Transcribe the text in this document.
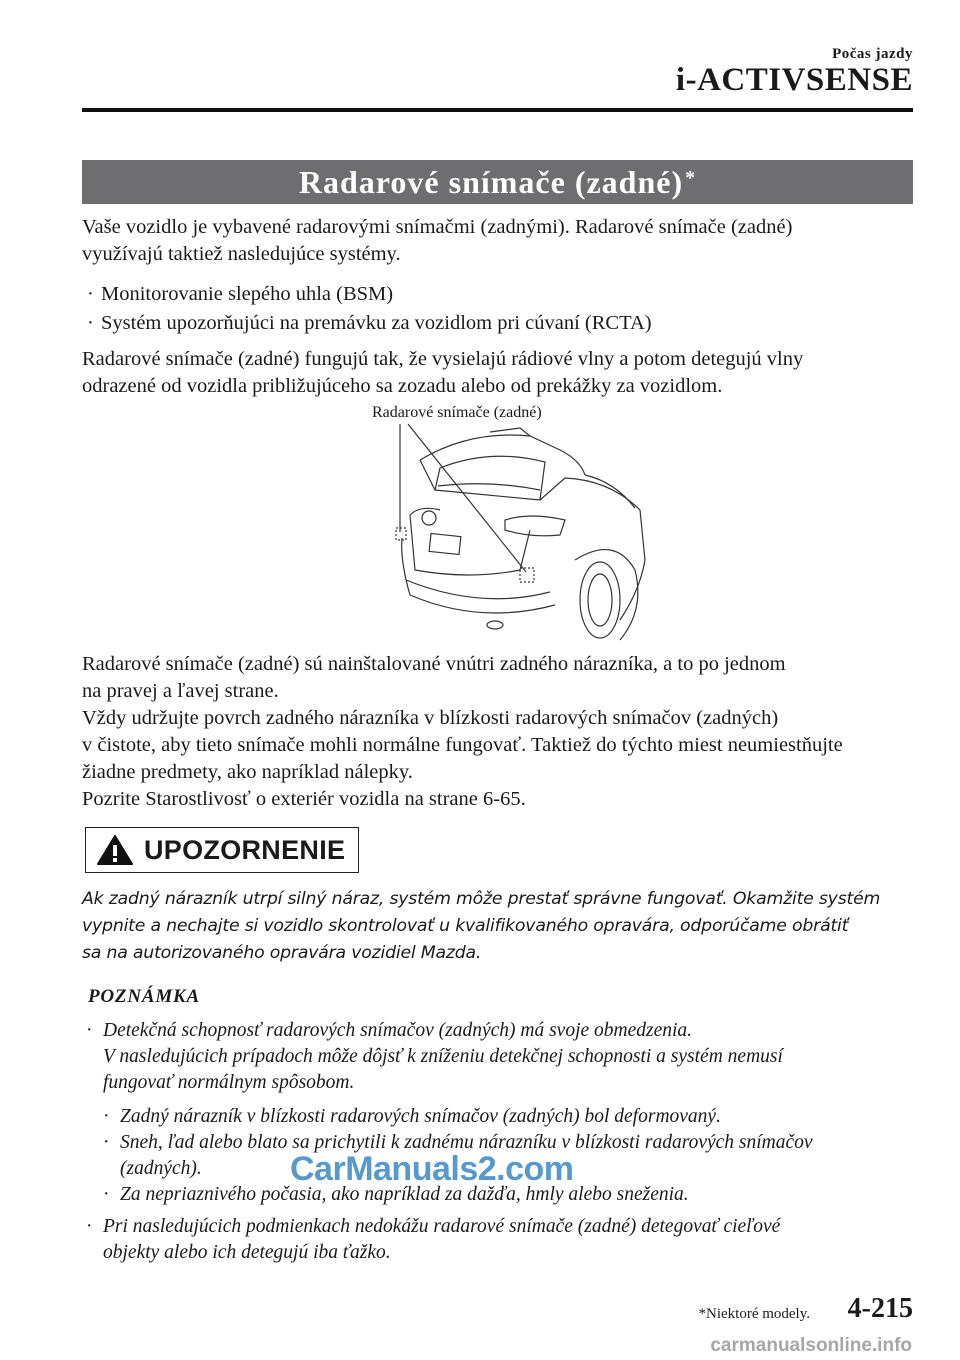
Počas jazdy
i-ACTIVSENSE
Radarové snímače (zadné)*
Vaše vozidlo je vybavené radarovými snímačmi (zadnými). Radarové snímače (zadné)
využívajú taktiež nasledujúce systémy.
· Monitorovanie slepého uhla (BSM)
· Systém upozorňujúci na premávku za vozidlom pri cúvaní (RCTA)
Radarové snímače (zadné) fungujú tak, že vysielajú rádiové vlny a potom detegujú vlny
odrazené od vozidla približujúceho sa zozadu alebo od prekážky za vozidlom.
Radarové snímače (zadné)
Radarové snímače (zadné) sú nainštalované vnútri zadného nárazníka, a to po jednom
na pravej a ľavej strane.
Vždy udržujte povrch zadného nárazníka v blízkosti radarových snímačov (zadných)
v čistote, aby tieto snímače mohli normálne fungovať. Taktiež do týchto miest neumiestňujte
žiadne predmety, ako napríklad nálepky.
Pozrite Starostlivosť o exteriér vozidla na strane 6-65.
UPOZORNENIE
Ak zadný nárazník utrpí silný náraz, systém môže prestať správne fungovať. Okamžite systém
vypnite a nechajte si vozidlo skontrolovať u kvalifikovaného opravára, odporúčame obrátiť
sa na autorizovaného opravára vozidiel Mazda.
POZNÁMKA
· Detekčná schopnosť radarových snímačov (zadných) má svoje obmedzenia.
V nasledujúcich prípadoch môže dôjsť k zníženiu detekčnej schopnosti a systém nemusí
fungovať normálnym spôsobom.
· Zadný nárazník v blízkosti radarových snímačov (zadných) bol deformovaný.
· Sneh, ľad alebo blato sa prichytili k zadnému nárazníku v blízkosti radarových snímačov
(zadných).
· Za nepriaznivého počasia, ako napríklad za dažďa, hmly alebo sneženia.
· Pri nasledujúcich podmienkach nedokážu radarové snímače (zadné) detegovať cieľové
objekty alebo ich detegujú iba ťažko.
CarManuals2.com
*Niektoré modely. 4-215
carmanualsonline.info
